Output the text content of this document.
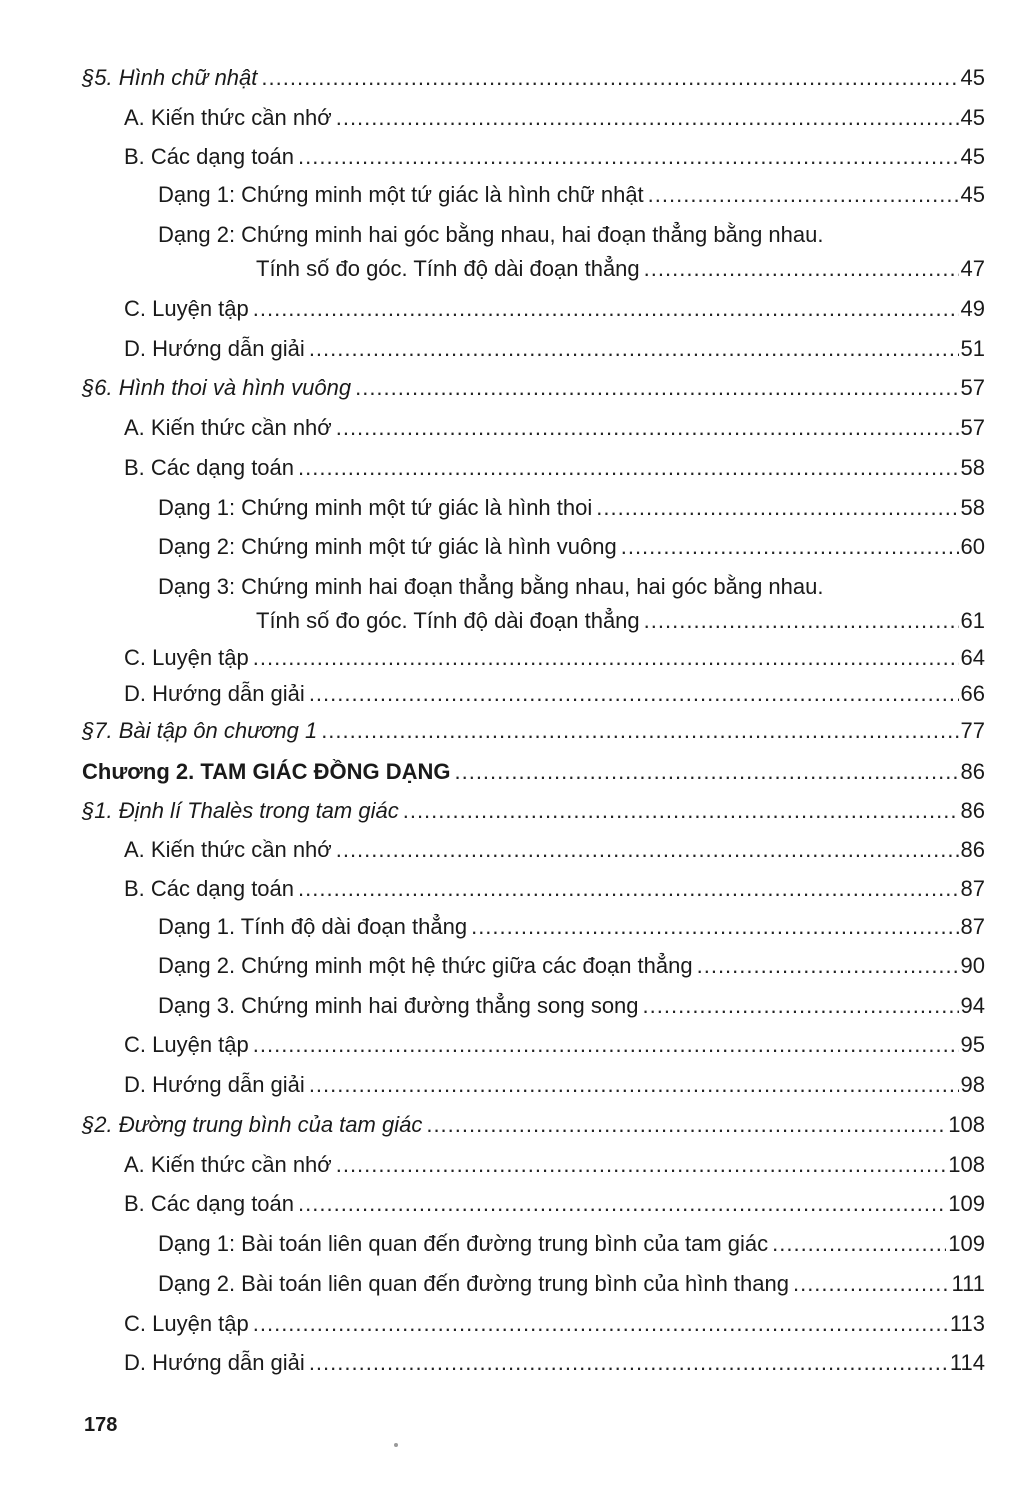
§5. Hình chữ nhật .....	45
A. Kiến thức cần nhớ .....	45
B. Các dạng toán .....	45
Dạng 1: Chứng minh một tứ giác là hình chữ nhật .....	45
Dạng 2: Chứng minh hai góc bằng nhau, hai đoạn thẳng bằng nhau.
Tính số đo góc. Tính độ dài đoạn thẳng .....	47
C. Luyện tập .....	49
D. Hướng dẫn giải .....	51
§6. Hình thoi và hình vuông .....	57
A. Kiến thức cần nhớ .....	57
B. Các dạng toán .....	58
Dạng 1: Chứng minh một tứ giác là hình thoi .....	58
Dạng 2: Chứng minh một tứ giác là hình vuông .....	60
Dạng 3: Chứng minh hai đoạn thẳng bằng nhau, hai góc bằng nhau.
Tính số đo góc. Tính độ dài đoạn thẳng .....	61
C. Luyện tập .....	64
D. Hướng dẫn giải .....	66
§7. Bài tập ôn chương 1 .....	77
Chương 2. TAM GIÁC ĐỒNG DẠNG .....	86
§1. Định lí Thalès trong tam giác .....	86
A. Kiến thức cần nhớ .....	86
B. Các dạng toán .....	87
Dạng 1. Tính độ dài đoạn thẳng .....	87
Dạng 2. Chứng minh một hệ thức giữa các đoạn thẳng .....	90
Dạng 3. Chứng minh hai đường thẳng song song .....	94
C. Luyện tập .....	95
D. Hướng dẫn giải .....	98
§2. Đường trung bình của tam giác .....	108
A. Kiến thức cần nhớ .....	108
B. Các dạng toán .....	109
Dạng 1: Bài toán liên quan đến đường trung bình của tam giác .....	109
Dạng 2. Bài toán liên quan đến đường trung bình của hình thang .....	111
C. Luyện tập .....	113
D. Hướng dẫn giải .....	114
178
